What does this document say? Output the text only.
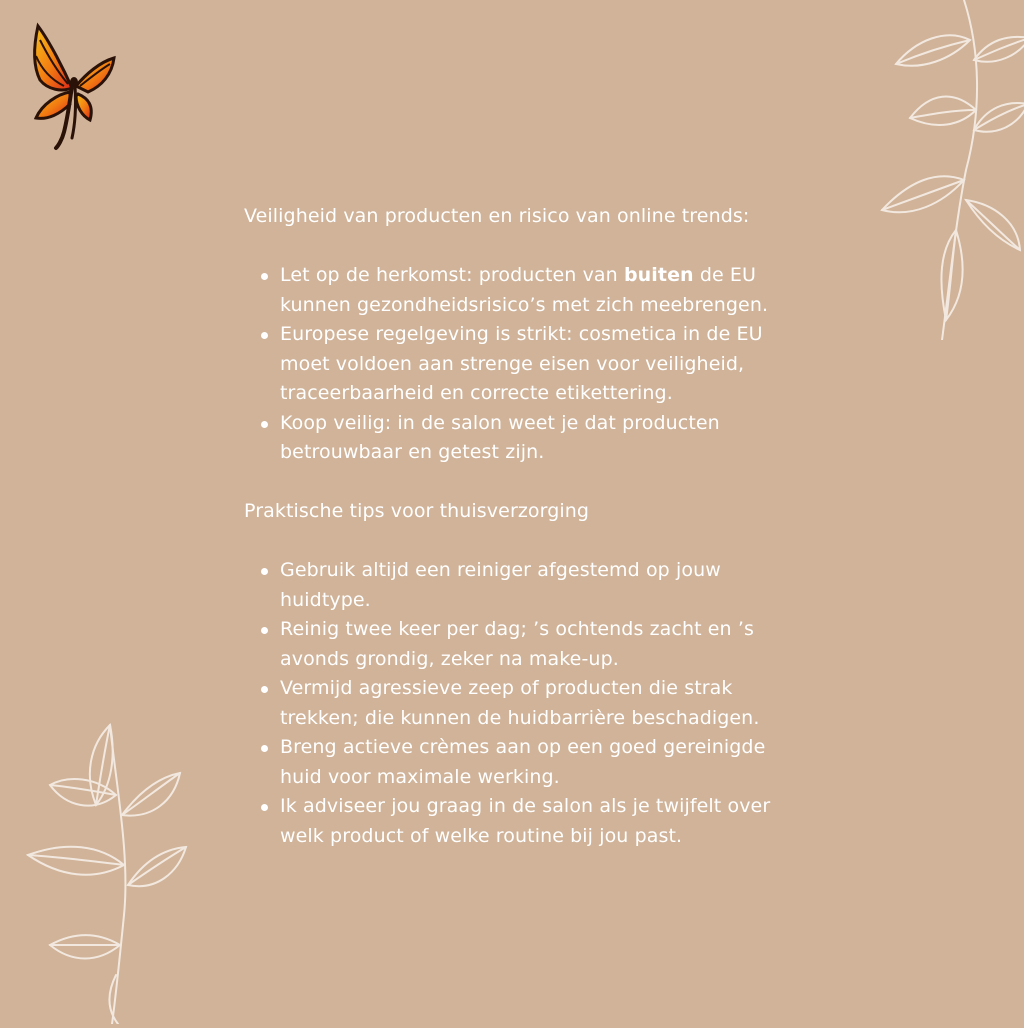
Veiligheid van producten en risico van online trends:

Let op de herkomst: producten van buiten de EU kunnen gezondheidsrisico’s met zich meebrengen.
Europese regelgeving is strikt: cosmetica in de EU moet voldoen aan strenge eisen voor veiligheid, traceerbaarheid en correcte etikettering.
Koop veilig: in de salon weet je dat producten betrouwbaar en getest zijn.

Praktische tips voor thuisverzorging

Gebruik altijd een reiniger afgestemd op jouw huidtype.
Reinig twee keer per dag; ’s ochtends zacht en ’s avonds grondig, zeker na make-up.
Vermijd agressieve zeep of producten die strak trekken; die kunnen de huidbarrière beschadigen.
Breng actieve crèmes aan op een goed gereinigde huid voor maximale werking.
Ik adviseer jou graag in de salon als je twijfelt over welk product of welke routine bij jou past.
